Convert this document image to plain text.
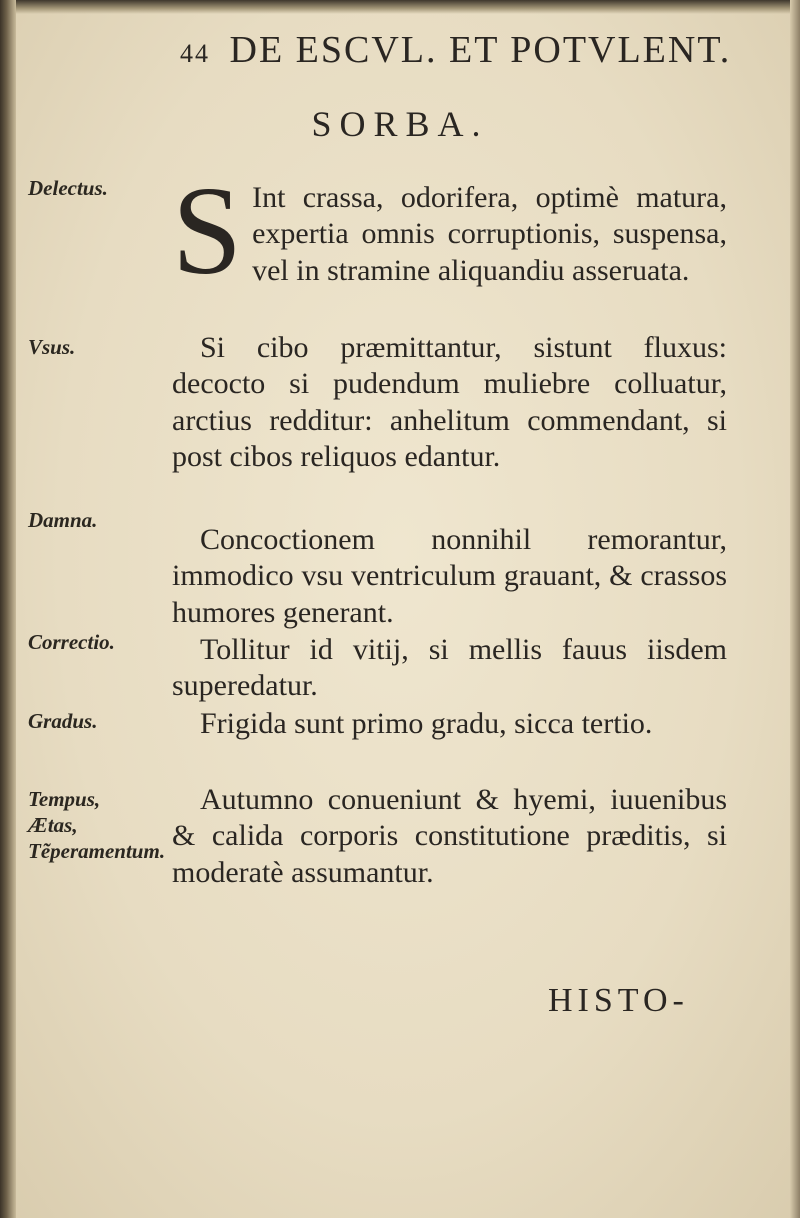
44 DE ESCVL. ET POTVLENT.
SORBA.
Delectus.
Vsus.
Damna.
Correctio.
Gradus.
Tempus, Ætas, Tẽperamentum.

S Int crassa, odorifera, optimè matura, expertia omnis corruptionis, suspensa, vel in stramine aliquandiu asseruata.

Si cibo præmittantur, sistunt fluxus: decocto si pudendum muliebre colluatur, arctius redditur: anhelitum commendant, si post cibos reliquos edantur.

Concoctionem nonnihil remorantur, immodico vsu ventriculum grauant, & crassos humores generant.

Tollitur id vitij, si mellis fauus iisdem superedatur.

Frigida sunt primo gradu, sicca tertio.

Autumno conueniunt & hyemi, iuuenibus & calida corporis constitutione præditis, si moderatè assumantur.

HISTO-
